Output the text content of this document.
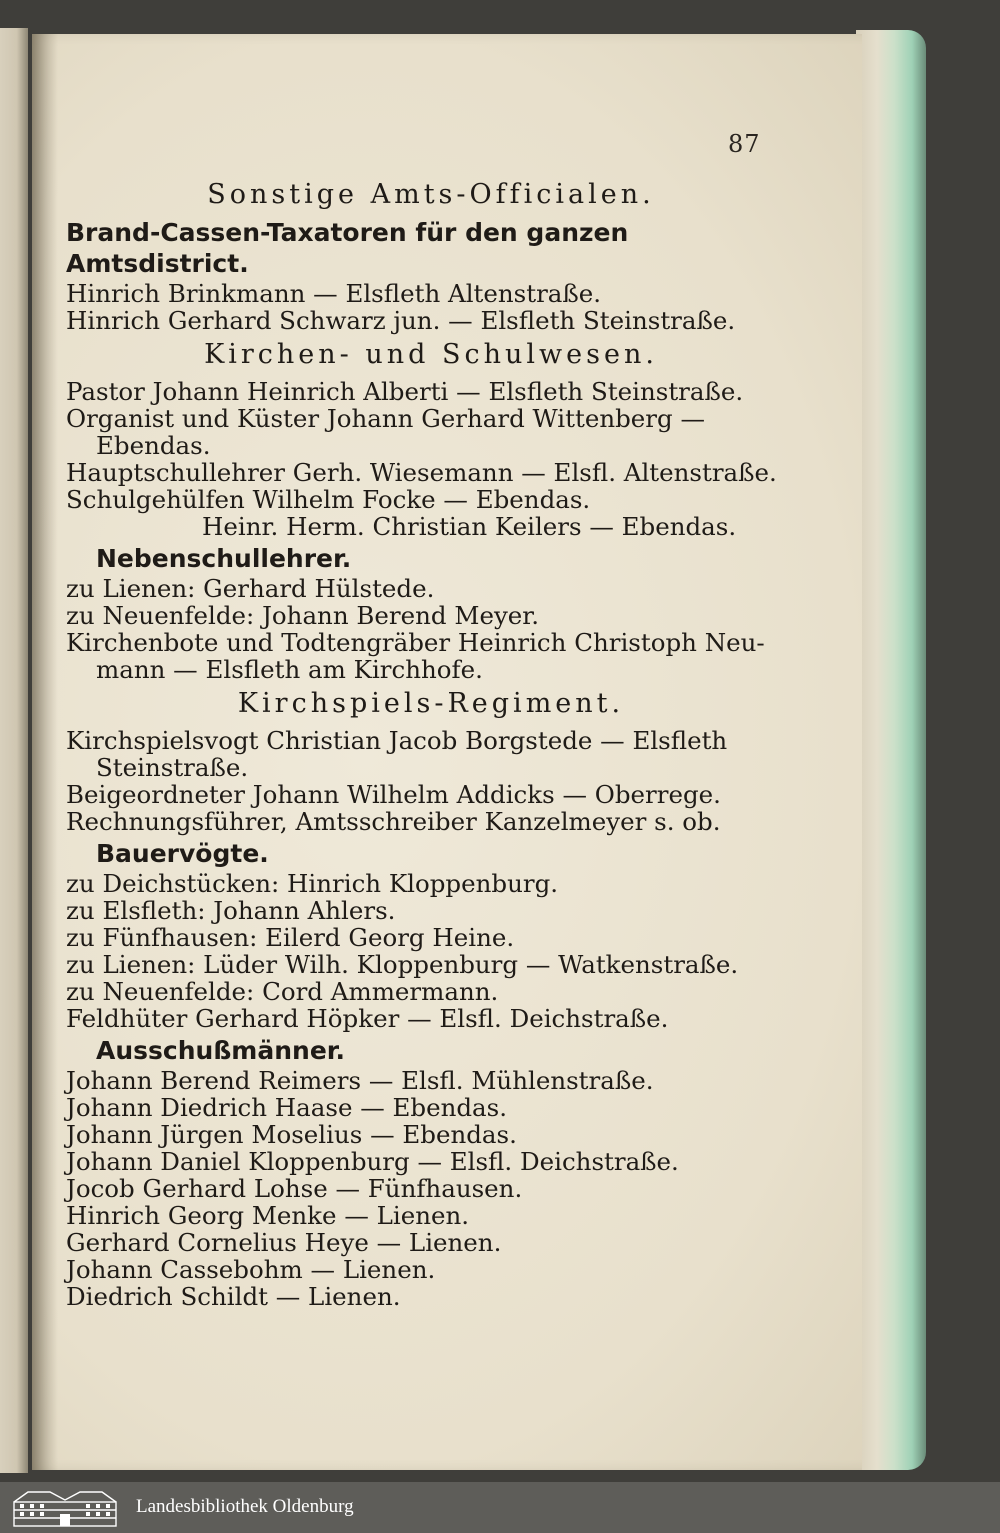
87

Sonstige Amts-Officialen.

Brand-Cassen-Taxatoren für den ganzen

Amtsdistrict.

Hinrich Brinkmann — Elsfleth Altenstraße.

Hinrich Gerhard Schwarz jun. — Elsfleth Steinstraße.

Kirchen- und Schulwesen.

Pastor Johann Heinrich Alberti — Elsfleth Steinstraße.

Organist und Küster Johann Gerhard Wittenberg —

Ebendas.

Hauptschullehrer Gerh. Wiesemann — Elsfl. Altenstraße.

Schulgehülfen Wilhelm Focke — Ebendas.

Heinr. Herm. Christian Keilers — Ebendas.

Nebenschullehrer.

zu Lienen: Gerhard Hülstede.

zu Neuenfelde: Johann Berend Meyer.

Kirchenbote und Todtengräber Heinrich Christoph Neu-

mann — Elsfleth am Kirchhofe.

Kirchspiels-Regiment.

Kirchspielsvogt Christian Jacob Borgstede — Elsfleth

Steinstraße.

Beigeordneter Johann Wilhelm Addicks — Oberrege.

Rechnungsführer, Amtsschreiber Kanzelmeyer s. ob.

Bauervögte.

zu Deichstücken: Hinrich Kloppenburg.

zu Elsfleth: Johann Ahlers.

zu Fünfhausen: Eilerd Georg Heine.

zu Lienen: Lüder Wilh. Kloppenburg — Watkenstraße.

zu Neuenfelde: Cord Ammermann.

Feldhüter Gerhard Höpker — Elsfl. Deichstraße.

Ausschußmänner.

Johann Berend Reimers — Elsfl. Mühlenstraße.

Johann Diedrich Haase — Ebendas.

Johann Jürgen Moselius — Ebendas.

Johann Daniel Kloppenburg — Elsfl. Deichstraße.

Jocob Gerhard Lohse — Fünfhausen.

Hinrich Georg Menke — Lienen.

Gerhard Cornelius Heye — Lienen.

Johann Cassebohm — Lienen.

Diedrich Schildt — Lienen.

Landesbibliothek Oldenburg
